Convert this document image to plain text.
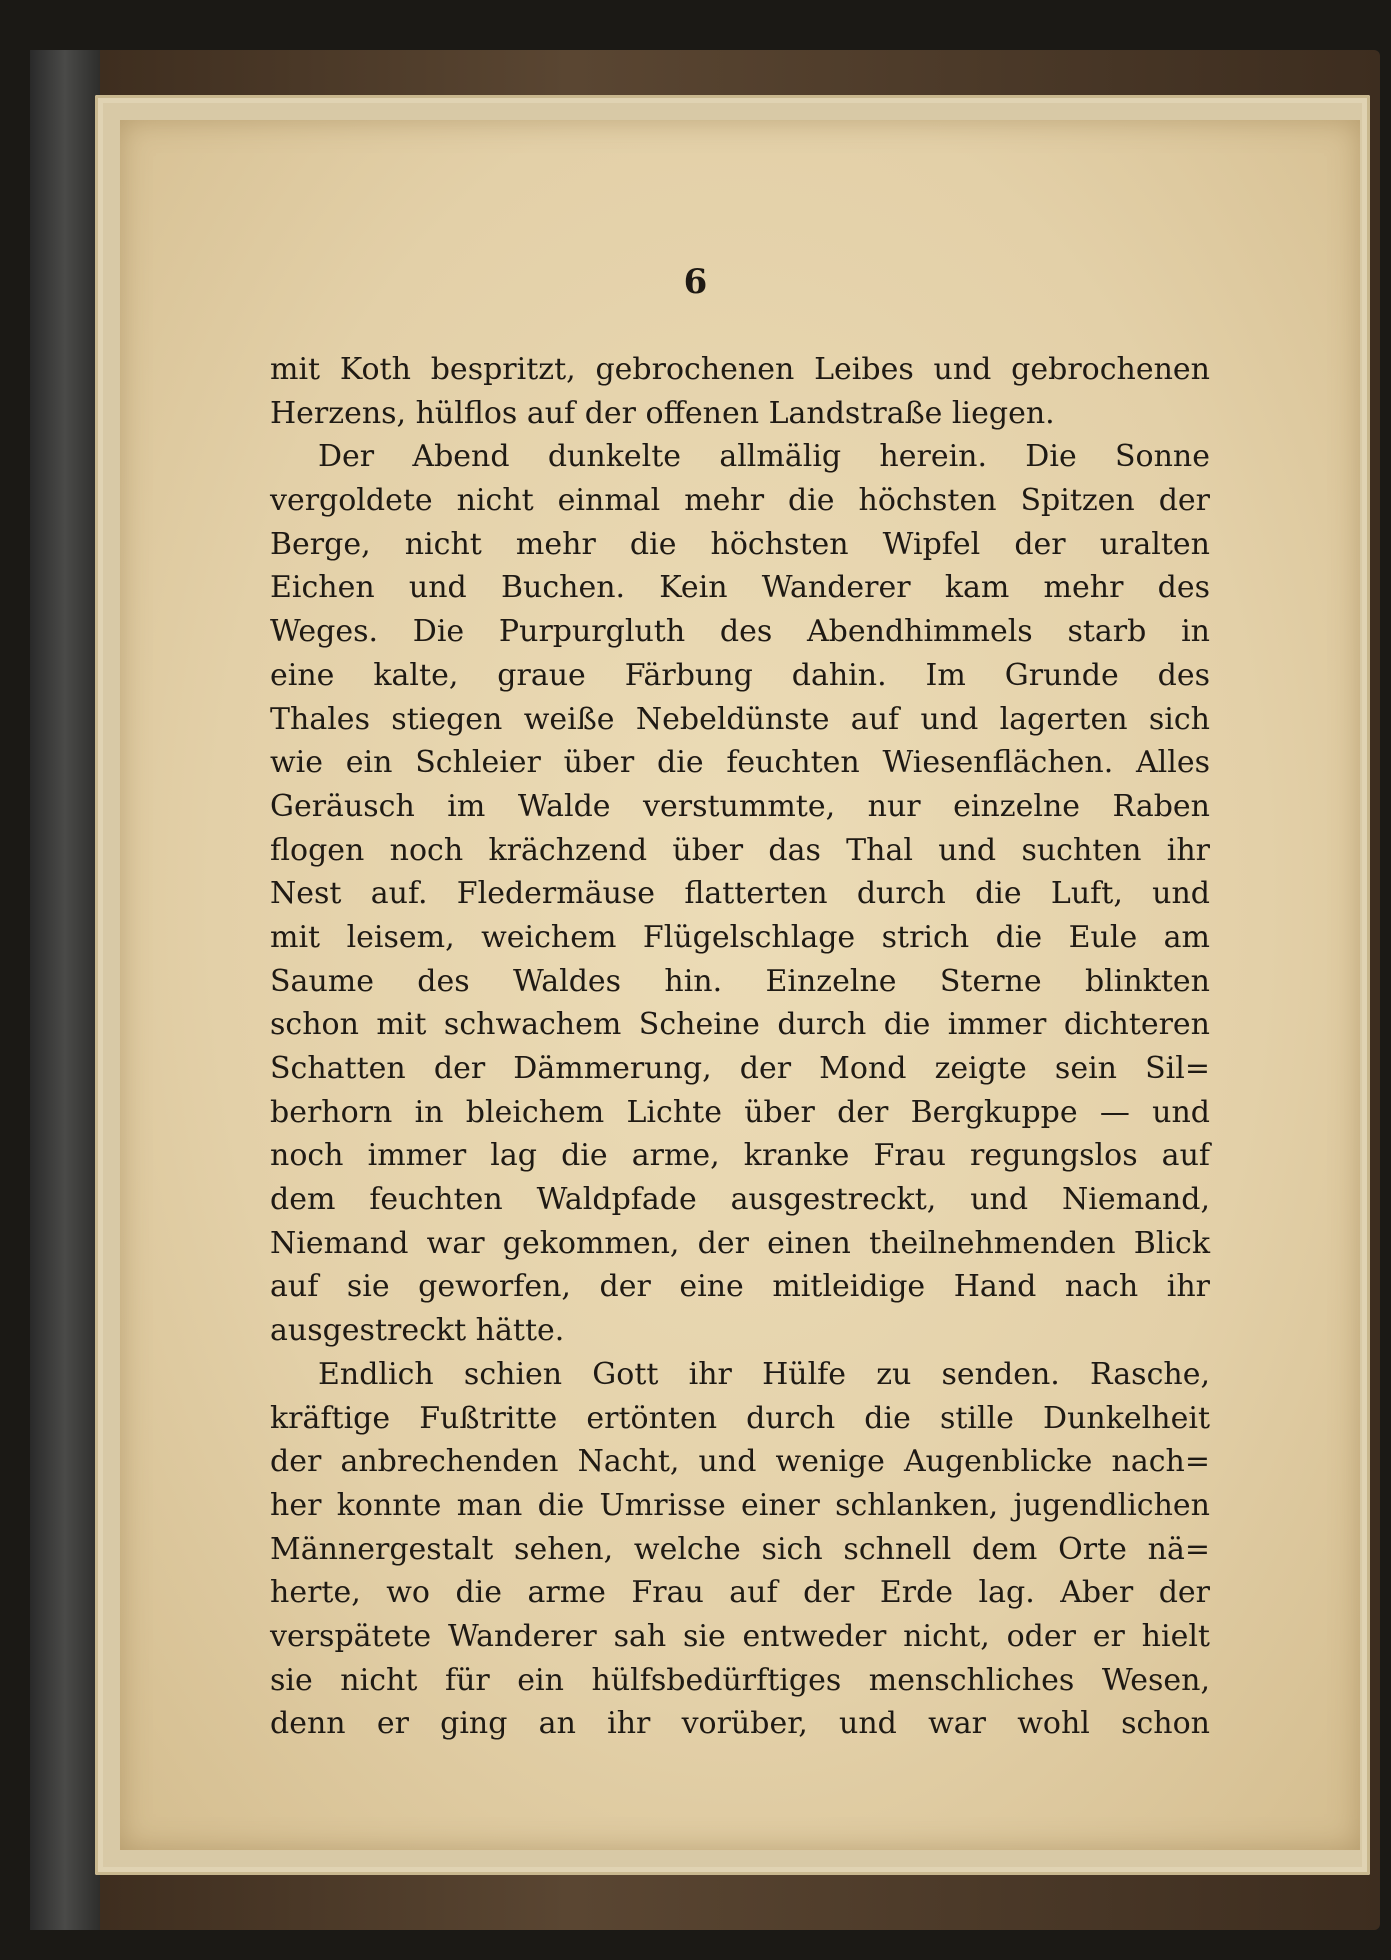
6
mit Koth bespritzt, gebrochenen Leibes und gebrochenen
Herzens, hülflos auf der offenen Landstraße liegen.
Der Abend dunkelte allmälig herein. Die Sonne
vergoldete nicht einmal mehr die höchsten Spitzen der
Berge, nicht mehr die höchsten Wipfel der uralten
Eichen und Buchen. Kein Wanderer kam mehr des
Weges. Die Purpurgluth des Abendhimmels starb in
eine kalte, graue Färbung dahin. Im Grunde des
Thales stiegen weiße Nebeldünste auf und lagerten sich
wie ein Schleier über die feuchten Wiesenflächen. Alles
Geräusch im Walde verstummte, nur einzelne Raben
flogen noch krächzend über das Thal und suchten ihr
Nest auf. Fledermäuse flatterten durch die Luft, und
mit leisem, weichem Flügelschlage strich die Eule am
Saume des Waldes hin. Einzelne Sterne blinkten
schon mit schwachem Scheine durch die immer dichteren
Schatten der Dämmerung, der Mond zeigte sein Sil=
berhorn in bleichem Lichte über der Bergkuppe — und
noch immer lag die arme, kranke Frau regungslos auf
dem feuchten Waldpfade ausgestreckt, und Niemand,
Niemand war gekommen, der einen theilnehmenden Blick
auf sie geworfen, der eine mitleidige Hand nach ihr
ausgestreckt hätte.
Endlich schien Gott ihr Hülfe zu senden. Rasche,
kräftige Fußtritte ertönten durch die stille Dunkelheit
der anbrechenden Nacht, und wenige Augenblicke nach=
her konnte man die Umrisse einer schlanken, jugendlichen
Männergestalt sehen, welche sich schnell dem Orte nä=
herte, wo die arme Frau auf der Erde lag. Aber der
verspätete Wanderer sah sie entweder nicht, oder er hielt
sie nicht für ein hülfsbedürftiges menschliches Wesen,
denn er ging an ihr vorüber, und war wohl schon
